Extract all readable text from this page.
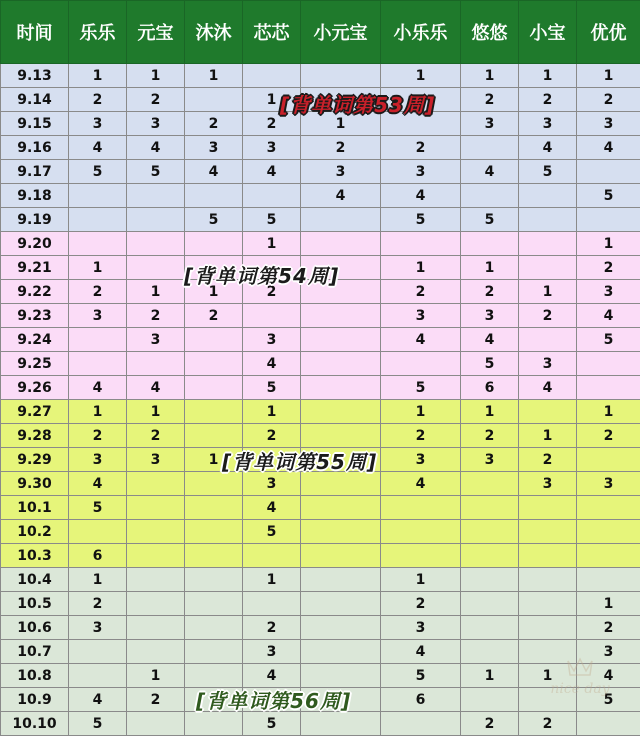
时间	乐乐	元宝	沐沐	芯芯	小元宝	小乐乐	悠悠	小宝	优优
9.13	1	1	1			1	1	1	1
9.14	2	2		1			2	2	2
9.15	3	3	2	2	1		3	3	3
9.16	4	4	3	3	2	2		4	4
9.17	5	5	4	4	3	3	4	5	
9.18					4	4			5
9.19			5	5		5	5		
9.20				1					1
9.21	1					1	1		2
9.22	2	1	1	2		2	2	1	3
9.23	3	2	2			3	3	2	4
9.24		3		3		4	4		5
9.25				4			5	3	
9.26	4	4		5		5	6	4	
9.27	1	1		1		1	1		1
9.28	2	2		2		2	2	1	2
9.29	3	3	1			3	3	2	
9.30	4			3		4		3	3
10.1	5			4					
10.2				5					
10.3	6								
10.4	1			1		1			
10.5	2					2			1
10.6	3			2		3			2
10.7				3		4			3
10.8		1		4		5	1	1	4
10.9	4	2				6			5
10.10	5			5			2	2	
[背单词第53周]
[背单词第54周]
[背单词第55周]
[背单词第56周]	nice day
